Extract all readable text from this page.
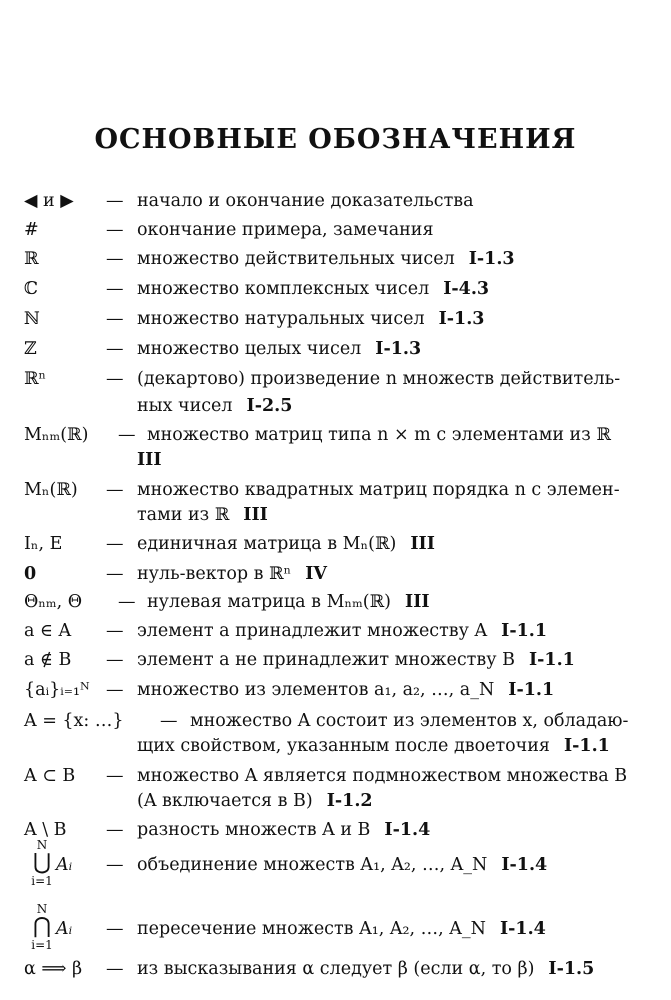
ОСНОВНЫЕ ОБОЗНАЧЕНИЯ
◀ и ▶ — начало и окончание доказательства
#	— окончание примера, замечания
ℝ	— множество действительных чисел I-1.3
ℂ	— множество комплексных чисел I-4.3
ℕ	— множество натуральных чисел I-1.3
ℤ	— множество целых чисел I-1.3
ℝⁿ	— (декартово) произведение n множеств действитель-
ных чисел I-2.5
Mₙₘ(ℝ) — множество матриц типа n × m с элементами из ℝ
III
Mₙ(ℝ) — множество квадратных матриц порядка n с элемен-
тами из ℝ III
Iₙ, E — единичная матрица в Mₙ(ℝ) III
0	— нуль-вектор в ℝⁿ IV
Θₙₘ, Θ — нулевая матрица в Mₙₘ(ℝ) III
a ∈ A — элемент a принадлежит множеству A I-1.1
a ∉ B — элемент a не принадлежит множеству B I-1.1
{aᵢ}ᵢ₌₁ᴺ — множество из элементов a₁, a₂, …, a_N I-1.1
A = {x: …} — множество A состоит из элементов x, обладаю-
щих свойством, указанным после двоеточия I-1.1
A ⊂ B — множество A является подмножеством множества B
(A включается в B) I-1.2
A \ B — разность множеств A и B I-1.4
N
⋃
i=1
Aᵢ — объединение множеств A₁, A₂, …, A_N I-1.4
N
⋂
i=1
Aᵢ — пересечение множеств A₁, A₂, …, A_N I-1.4
α ⟹ β — из высказывания α следует β (если α, то β) I-1.5
